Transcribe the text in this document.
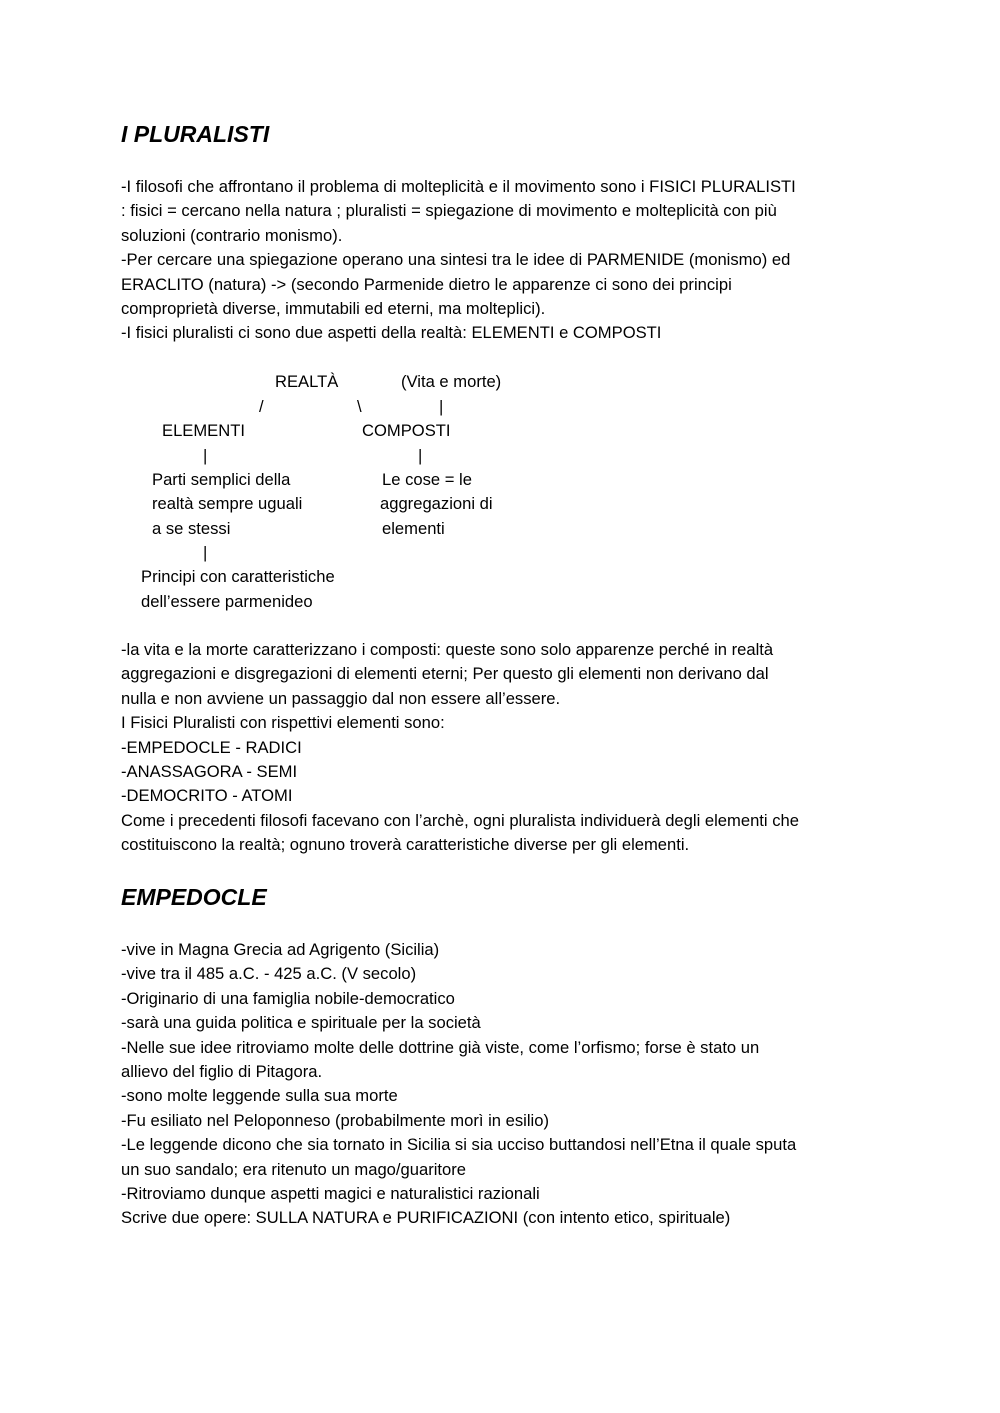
I PLURALISTI
-I filosofi che affrontano il problema di molteplicità e il movimento sono i FISICI PLURALISTI
: fisici = cercano nella natura ; pluralisti = spiegazione di movimento e molteplicità con più
soluzioni (contrario monismo).
-Per cercare una spiegazione operano una sintesi tra le idee di PARMENIDE (monismo) ed
ERACLITO (natura) -> (secondo Parmenide dietro le apparenze ci sono dei principi
comproprietà diverse, immutabili ed eterni, ma molteplici).
-I fisici pluralisti ci sono due aspetti della realtà: ELEMENTI e COMPOSTI
REALTÀ	(Vita e morte)
/	\	|
ELEMENTI	COMPOSTI
|	|
Parti semplici della
realtà sempre uguali
a se stessi
Le cose = le
aggregazioni di
elementi
|
Principi con caratteristiche
dell’essere parmenideo
-la vita e la morte caratterizzano i composti: queste sono solo apparenze perché in realtà
aggregazioni e disgregazioni di elementi eterni; Per questo gli elementi non derivano dal
nulla e non avviene un passaggio dal non essere all’essere.
I Fisici Pluralisti con rispettivi elementi sono:
-EMPEDOCLE - RADICI
-ANASSAGORA - SEMI
-DEMOCRITO - ATOMI
Come i precedenti filosofi facevano con l’archè, ogni pluralista individuerà degli elementi che
costituiscono la realtà; ognuno troverà caratteristiche diverse per gli elementi.
EMPEDOCLE
-vive in Magna Grecia ad Agrigento (Sicilia)
-vive tra il 485 a.C. - 425 a.C. (V secolo)
-Originario di una famiglia nobile-democratico
-sarà una guida politica e spirituale per la società
-Nelle sue idee ritroviamo molte delle dottrine già viste, come l’orfismo; forse è stato un
allievo del figlio di Pitagora.
-sono molte leggende sulla sua morte
-Fu esiliato nel Peloponneso (probabilmente morì in esilio)
-Le leggende dicono che sia tornato in Sicilia si sia ucciso buttandosi nell’Etna il quale sputa
un suo sandalo; era ritenuto un mago/guaritore
-Ritroviamo dunque aspetti magici e naturalistici razionali
Scrive due opere: SULLA NATURA e PURIFICAZIONI (con intento etico, spirituale)
